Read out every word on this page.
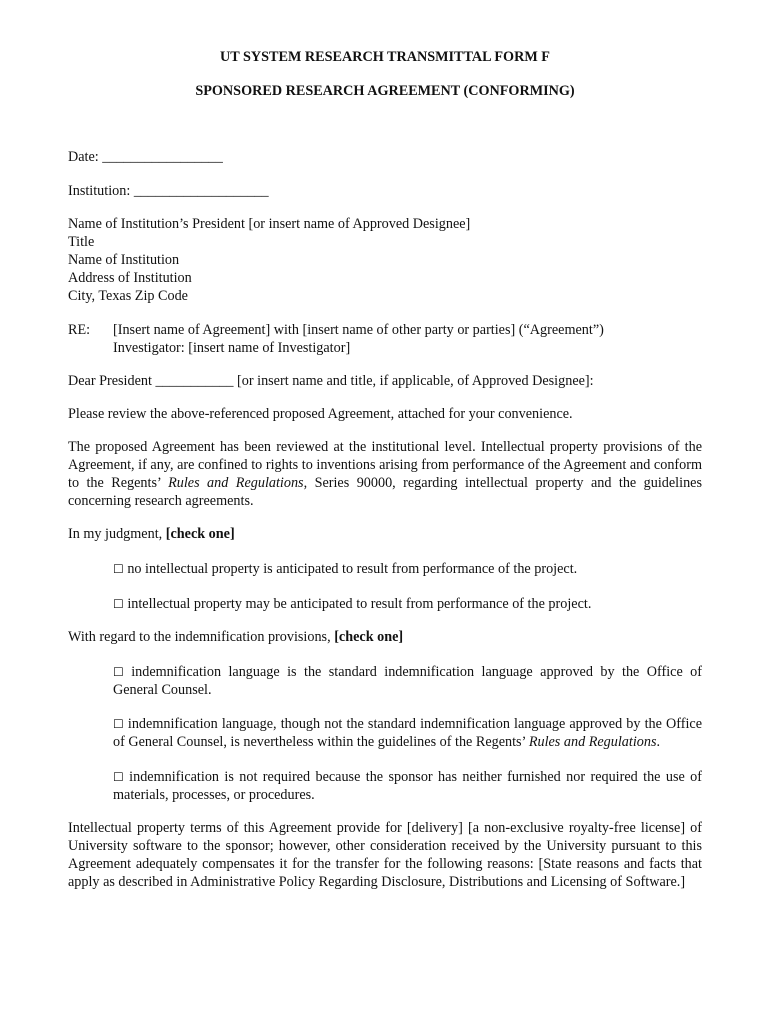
UT SYSTEM RESEARCH TRANSMITTAL FORM F

SPONSORED RESEARCH AGREEMENT (CONFORMING)

Date: _________________

Institution: ___________________

Name of Institution’s President [or insert name of Approved Designee]
Title
Name of Institution
Address of Institution
City, Texas Zip Code
RE:	[Insert name of Agreement] with [insert name of other party or parties] (“Agreement”)
Investigator: [insert name of Investigator]

Dear President ___________ [or insert name and title, if applicable, of Approved Designee]:

Please review the above-referenced proposed Agreement, attached for your convenience.

The proposed Agreement has been reviewed at the institutional level. Intellectual property provisions of the Agreement, if any, are confined to rights to inventions arising from performance of the Agreement and conform to the Regents’ Rules and Regulations, Series 90000, regarding intellectual property and the guidelines concerning research agreements.

In my judgment, [check one]

☐ no intellectual property is anticipated to result from performance of the project.

☐ intellectual property may be anticipated to result from performance of the project.

With regard to the indemnification provisions, [check one]

☐ indemnification language is the standard indemnification language approved by the Office of General Counsel.

☐ indemnification language, though not the standard indemnification language approved by the Office of General Counsel, is nevertheless within the guidelines of the Regents’ Rules and Regulations.

☐ indemnification is not required because the sponsor has neither furnished nor required the use of materials, processes, or procedures.

Intellectual property terms of this Agreement provide for [delivery] [a non-exclusive royalty-free license] of University software to the sponsor; however, other consideration received by the University pursuant to this Agreement adequately compensates it for the transfer for the following reasons: [State reasons and facts that apply as described in Administrative Policy Regarding Disclosure, Distributions and Licensing of Software.]
